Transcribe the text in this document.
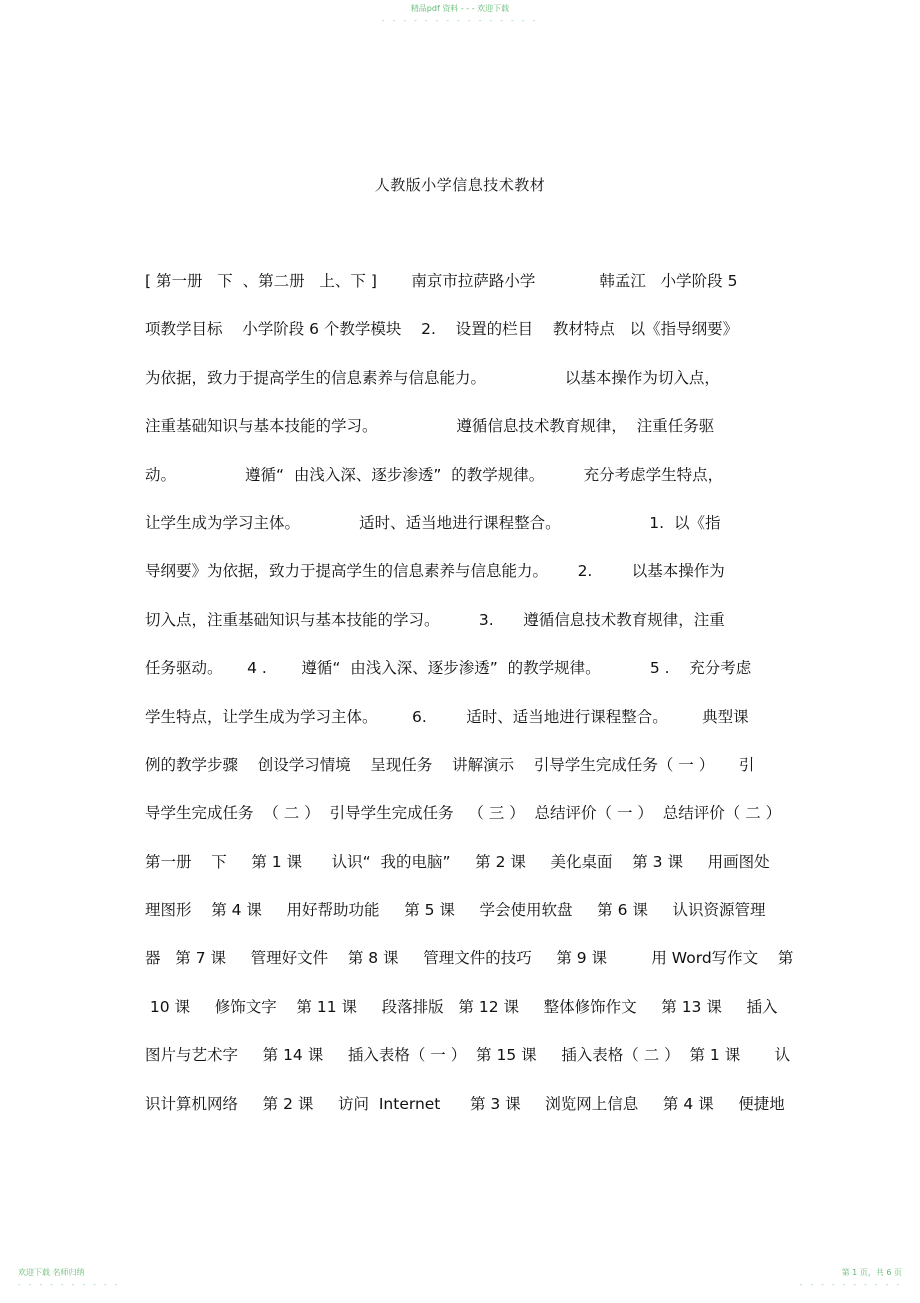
精品pdf 资料 - - - 欢迎下载
- - - - - - - - - - - - - - -
人教版小学信息技术教材
[ 第一册   下  、第二册   上、下 ]       南京市拉萨路小学             韩孟江   小学阶段 5
项教学目标    小学阶段 6 个教学模块    2.    设置的栏目    教材特点   以《指导纲要》
为依据，致力于提高学生的信息素养与信息能力。                以基本操作为切入点，
注重基础知识与基本技能的学习。                遵循信息技术教育规律，  注重任务驱
动。              遵循“  由浅入深、逐步渗透”  的教学规律。        充分考虑学生特点，
让学生成为学习主体。            适时、适当地进行课程整合。                  1.  以《指
导纲要》为依据，致力于提高学生的信息素养与信息能力。      2.        以基本操作为
切入点，注重基础知识与基本技能的学习。        3.      遵循信息技术教育规律，注重
任务驱动。     4 .       遵循“  由浅入深、逐步渗透”  的教学规律。          5 .    充分考虑
学生特点，让学生成为学习主体。       6.        适时、适当地进行课程整合。       典型课
例的教学步骤    创设学习情境    呈现任务    讲解演示    引导学生完成任务（ 一 ）     引
导学生完成任务  （ 二 ）  引导学生完成任务   （ 三 ）  总结评价（ 一 ）  总结评价（ 二 ）
第一册    下     第 1 课      认识“  我的电脑”     第 2 课     美化桌面    第 3 课     用画图处
理图形    第 4 课     用好帮助功能     第 5 课     学会使用软盘     第 6 课     认识资源管理
器   第 7 课     管理好文件    第 8 课     管理文件的技巧     第 9 课         用 Word写作文    第
10 课     修饰文字    第 11 课     段落排版   第 12 课     整体修饰作文     第 13 课     插入
图片与艺术字     第 14 课     插入表格（ 一 ）  第 15 课     插入表格（ 二 ）  第 1 课       认
识计算机网络     第 2 课     访问  Internet      第 3 课     浏览网上信息     第 4 课     便捷地
欢迎下载 名师归纳
- - - - - - - - - -
第 1 页，共 6 页
- - - - - - - - - -
